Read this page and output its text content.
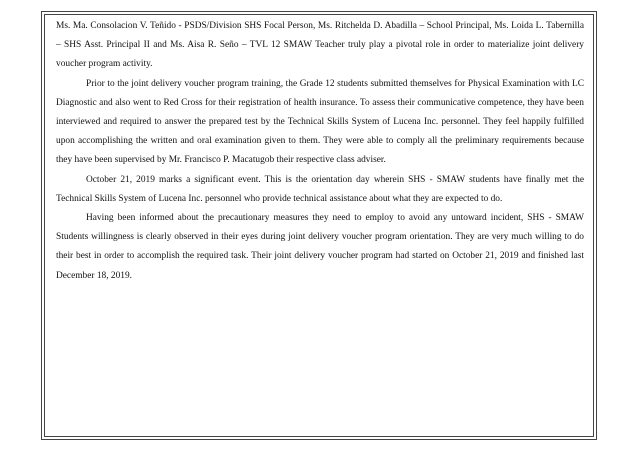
Ms. Ma. Consolacion V. Teñido - PSDS/Division SHS Focal Person, Ms. Ritchelda D. Abadilla – School Principal, Ms. Loida L. Tabernilla – SHS Asst. Principal II and Ms. Aisa R. Seño – TVL 12 SMAW Teacher truly play a pivotal role in order to materialize joint delivery voucher program activity.

Prior to the joint delivery voucher program training, the Grade 12 students submitted themselves for Physical Examination with LC Diagnostic and also went to Red Cross for their registration of health insurance. To assess their communicative competence, they have been interviewed and required to answer the prepared test by the Technical Skills System of Lucena Inc. personnel. They feel happily fulfilled upon accomplishing the written and oral examination given to them. They were able to comply all the preliminary requirements because they have been supervised by Mr. Francisco P. Macatugob their respective class adviser.

October 21, 2019 marks a significant event. This is the orientation day wherein SHS - SMAW students have finally met the Technical Skills System of Lucena Inc. personnel who provide technical assistance about what they are expected to do.

Having been informed about the precautionary measures they need to employ to avoid any untoward incident, SHS - SMAW Students willingness is clearly observed in their eyes during joint delivery voucher program orientation. They are very much willing to do their best in order to accomplish the required task. Their joint delivery voucher program had started on October 21, 2019 and finished last December 18, 2019.
